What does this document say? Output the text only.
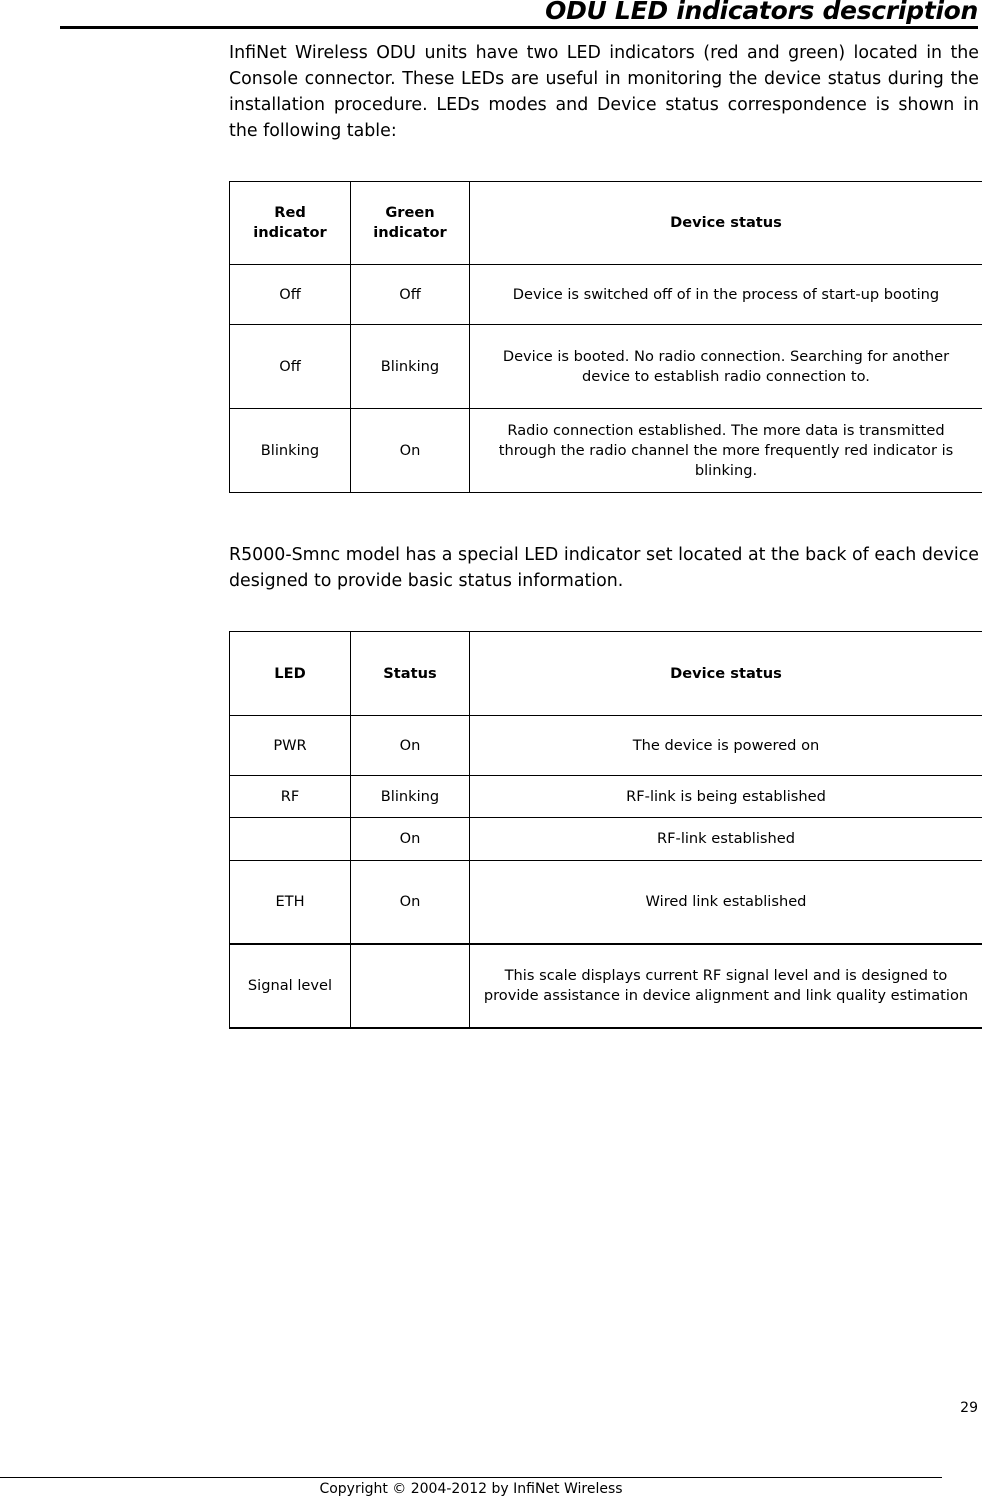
ODU LED indicators description

InfiNet Wireless ODU units have two LED indicators (red and green) located in the Console connector. These LEDs are useful in monitoring the device status during the installation procedure. LEDs modes and Device status correspondence is shown in the following table:

Red indicator	Green indicator	Device status
Off	Off	Device is switched off of in the process of start-up booting
Off	Blinking	Device is booted. No radio connection. Searching for another device to establish radio connection to.
Blinking	On	Radio connection established. The more data is transmitted through the radio channel the more frequently red indicator is blinking.

R5000-Smnc model has a special LED indicator set located at the back of each device designed to provide basic status information.

LED	Status	Device status
PWR	On	The device is powered on
RF	Blinking	RF-link is being established
	On	RF-link established
ETH	On	Wired link established
Signal level		This scale displays current RF signal level and is designed to provide assistance in device alignment and link quality estimation
29
Copyright © 2004-2012 by InfiNet Wireless
